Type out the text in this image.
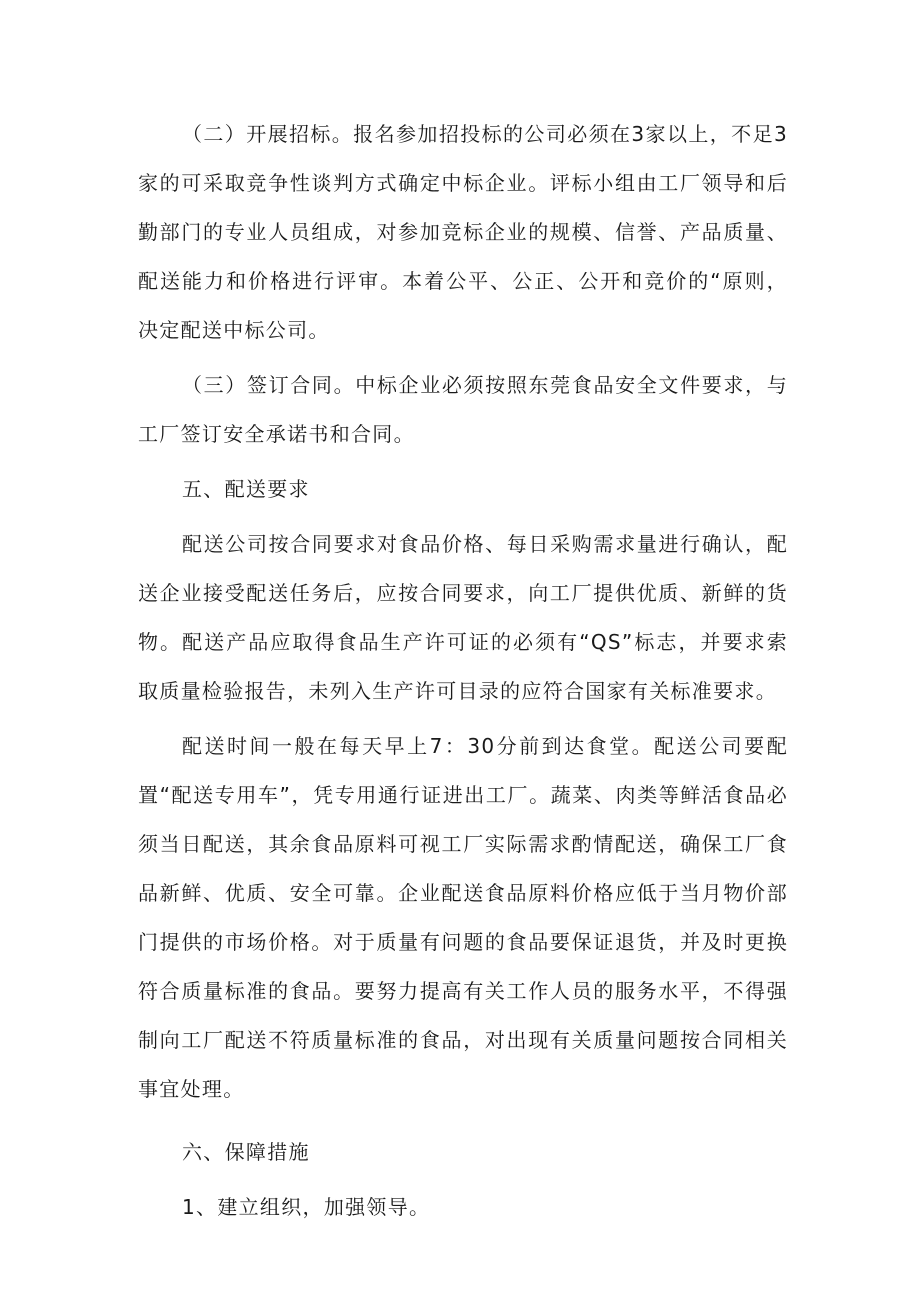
（二）开展招标。报名参加招投标的公司必须在3家以上，不足3家的可采取竞争性谈判方式确定中标企业。评标小组由工厂领导和后勤部门的专业人员组成，对参加竞标企业的规模、信誉、产品质量、配送能力和价格进行评审。本着公平、公正、公开和竞价的“原则，决定配送中标公司。

（三）签订合同。中标企业必须按照东莞食品安全文件要求，与工厂签订安全承诺书和合同。

五、配送要求

配送公司按合同要求对食品价格、每日采购需求量进行确认，配送企业接受配送任务后，应按合同要求，向工厂提供优质、新鲜的货物。配送产品应取得食品生产许可证的必须有“QS”标志，并要求索取质量检验报告，未列入生产许可目录的应符合国家有关标准要求。

配送时间一般在每天早上7：30分前到达食堂。配送公司要配置“配送专用车”，凭专用通行证进出工厂。蔬菜、肉类等鲜活食品必须当日配送，其余食品原料可视工厂实际需求酌情配送，确保工厂食品新鲜、优质、安全可靠。企业配送食品原料价格应低于当月物价部门提供的市场价格。对于质量有问题的食品要保证退货，并及时更换符合质量标准的食品。要努力提高有关工作人员的服务水平，不得强制向工厂配送不符质量标准的食品，对出现有关质量问题按合同相关事宜处理。

六、保障措施

1、建立组织，加强领导。
